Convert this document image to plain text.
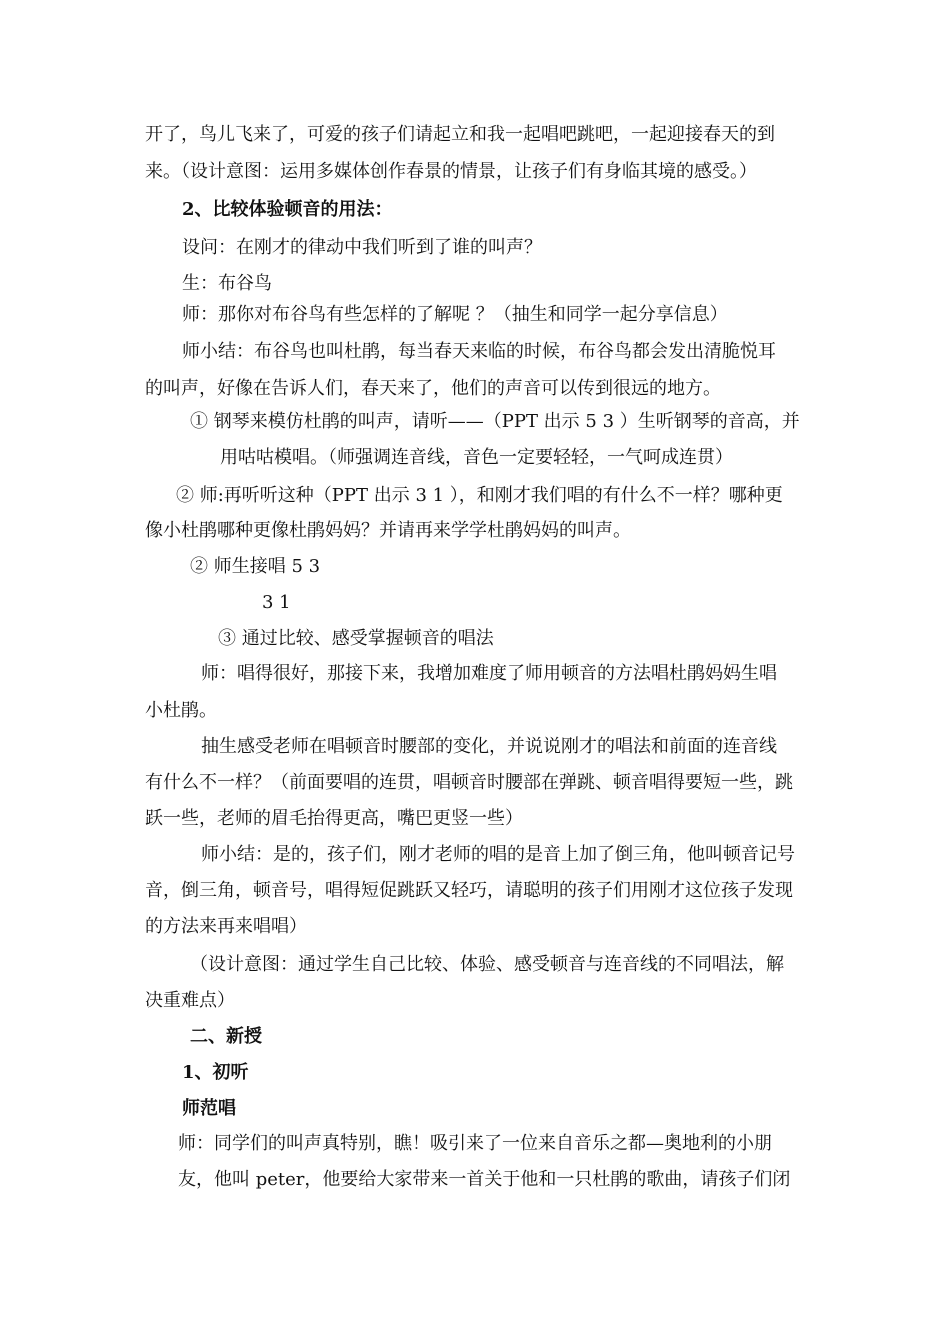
开了，鸟儿飞来了，可爱的孩子们请起立和我一起唱吧跳吧，一起迎接春天的到
来。（设计意图：运用多媒体创作春景的情景，让孩子们有身临其境的感受。）
2、比较体验顿音的用法：
设问：在刚才的律动中我们听到了谁的叫声？
生：布谷鸟
师：那你对布谷鸟有些怎样的了解呢 ？（抽生和同学一起分享信息）
师小结：布谷鸟也叫杜鹃，每当春天来临的时候，布谷鸟都会发出清脆悦耳
的叫声，好像在告诉人们，春天来了，他们的声音可以传到很远的地方。
① 钢琴来模仿杜鹃的叫声，请听——（PPT 出示 5 3 ）生听钢琴的音高，并
用咕咕模唱。（师强调连音线，音色一定要轻轻，一气呵成连贯）
② 师:再听听这种（PPT 出示 3 1 ），和刚才我们唱的有什么不一样？哪种更
像小杜鹃哪种更像杜鹃妈妈？并请再来学学杜鹃妈妈的叫声。
② 师生接唱 5 3
3 1
③ 通过比较、感受掌握顿音的唱法
师：唱得很好，那接下来，我增加难度了师用顿音的方法唱杜鹃妈妈生唱
小杜鹃。
抽生感受老师在唱顿音时腰部的变化，并说说刚才的唱法和前面的连音线
有什么不一样？（前面要唱的连贯，唱顿音时腰部在弹跳、顿音唱得要短一些，跳
跃一些，老师的眉毛抬得更高，嘴巴更竖一些）
师小结：是的，孩子们，刚才老师的唱的是音上加了倒三角，他叫顿音记号
音，倒三角，顿音号，唱得短促跳跃又轻巧，请聪明的孩子们用刚才这位孩子发现
的方法来再来唱唱）
（设计意图：通过学生自己比较、体验、感受顿音与连音线的不同唱法，解
决重难点）
二、新授
1、初听
师范唱
师：同学们的叫声真特别，瞧！吸引来了一位来自音乐之都—奥地利的小朋
友，他叫 peter，他要给大家带来一首关于他和一只杜鹃的歌曲，请孩子们闭
